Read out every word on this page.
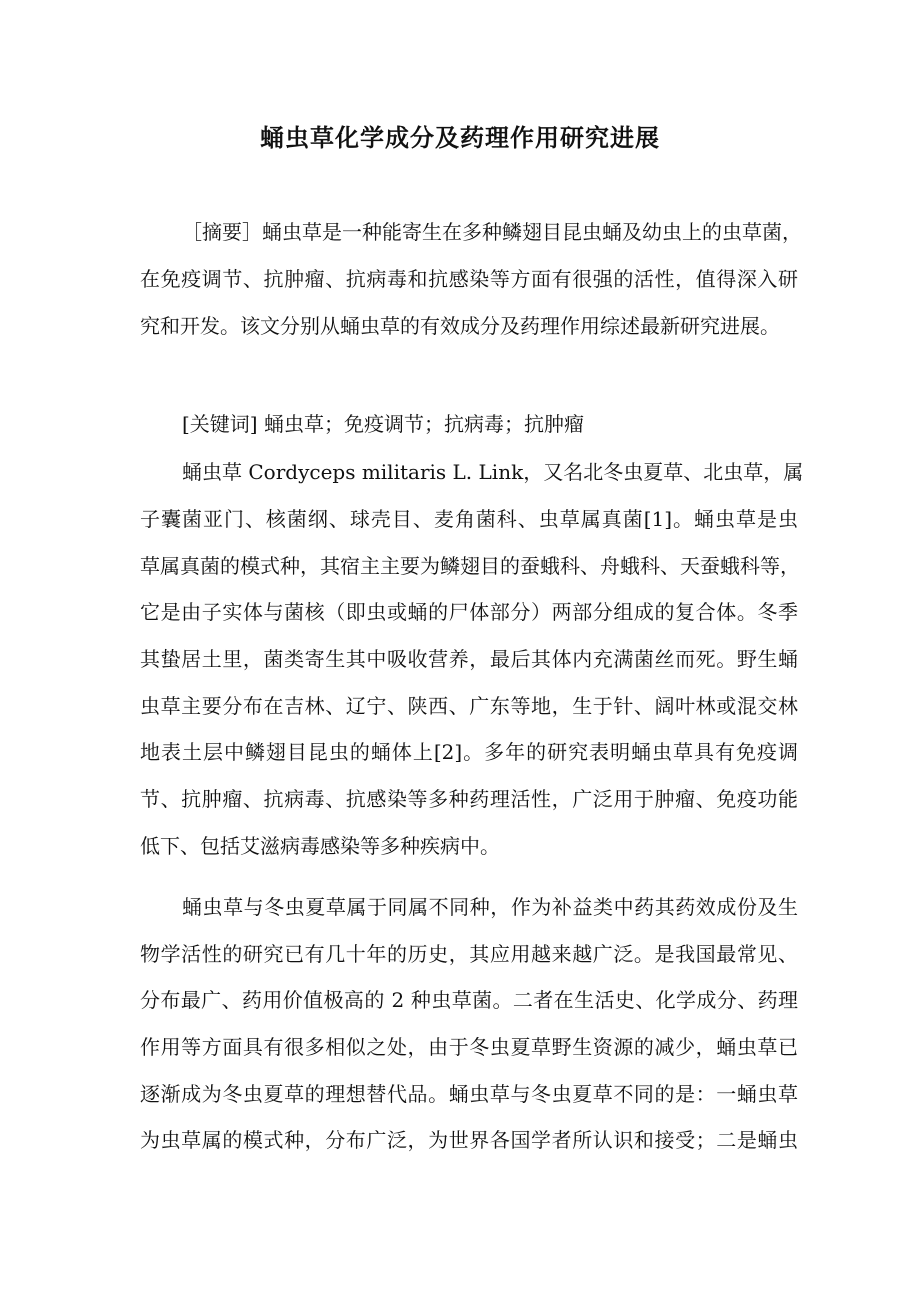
蛹虫草化学成分及药理作用研究进展
［摘要］蛹虫草是一种能寄生在多种鳞翅目昆虫蛹及幼虫上的虫草菌，
在免疫调节、抗肿瘤、抗病毒和抗感染等方面有很强的活性，值得深入研
究和开发。该文分别从蛹虫草的有效成分及药理作用综述最新研究进展。
[关键词] 蛹虫草；免疫调节；抗病毒；抗肿瘤
蛹虫草 Cordyceps militaris L. Link，又名北冬虫夏草、北虫草，属
子囊菌亚门、核菌纲、球壳目、麦角菌科、虫草属真菌[1]。蛹虫草是虫
草属真菌的模式种，其宿主主要为鳞翅目的蚕蛾科、舟蛾科、天蚕蛾科等，
它是由子实体与菌核（即虫或蛹的尸体部分）两部分组成的复合体。冬季
其蛰居土里，菌类寄生其中吸收营养，最后其体内充满菌丝而死。野生蛹
虫草主要分布在吉林、辽宁、陕西、广东等地，生于针、阔叶林或混交林
地表土层中鳞翅目昆虫的蛹体上[2]。多年的研究表明蛹虫草具有免疫调
节、抗肿瘤、抗病毒、抗感染等多种药理活性，广泛用于肿瘤、免疫功能
低下、包括艾滋病毒感染等多种疾病中。
蛹虫草与冬虫夏草属于同属不同种，作为补益类中药其药效成份及生
物学活性的研究已有几十年的历史，其应用越来越广泛。是我国最常见、
分布最广、药用价值极高的 2 种虫草菌。二者在生活史、化学成分、药理
作用等方面具有很多相似之处，由于冬虫夏草野生资源的减少，蛹虫草已
逐渐成为冬虫夏草的理想替代品。蛹虫草与冬虫夏草不同的是：一蛹虫草
为虫草属的模式种，分布广泛，为世界各国学者所认识和接受；二是蛹虫
